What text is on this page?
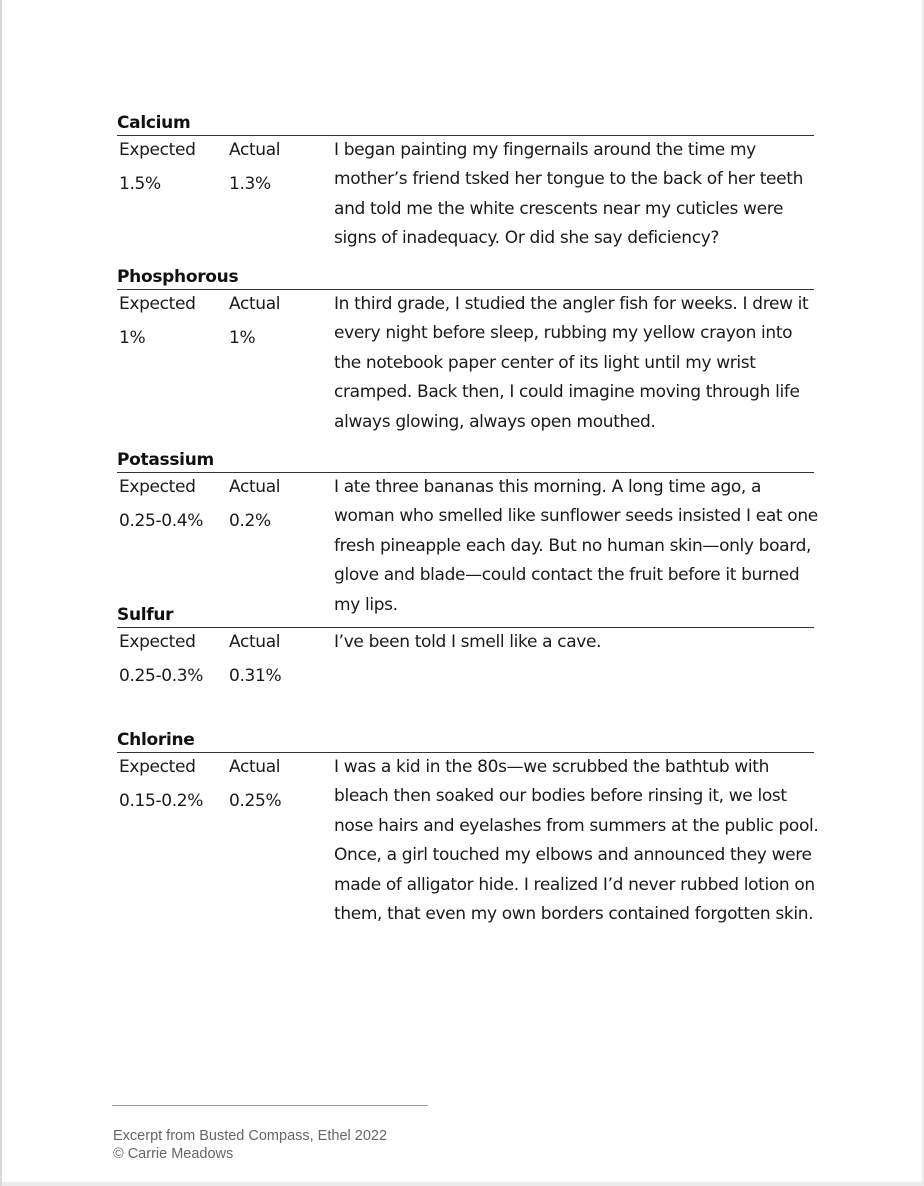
Calcium
Expected
1.5%
Actual
1.3%
I began painting my fingernails around the time my mother’s friend tsked her tongue to the back of her teeth and told me the white crescents near my cuticles were signs of inadequacy. Or did she say deficiency?
Phosphorous
Expected
1%
Actual
1%
In third grade, I studied the angler fish for weeks. I drew it every night before sleep, rubbing my yellow crayon into the notebook paper center of its light until my wrist cramped. Back then, I could imagine moving through life always glowing, always open mouthed.
Potassium
Expected
0.25-0.4%
Actual
0.2%
I ate three bananas this morning. A long time ago, a woman who smelled like sunflower seeds insisted I eat one fresh pineapple each day. But no human skin—only board, glove and blade—could contact the fruit before it burned my lips.
Sulfur
Expected
0.25-0.3%
Actual
0.31%
I’ve been told I smell like a cave.
Chlorine
Expected
0.15-0.2%
Actual
0.25%
I was a kid in the 80s—we scrubbed the bathtub with bleach then soaked our bodies before rinsing it, we lost nose hairs and eyelashes from summers at the public pool. Once, a girl touched my elbows and announced they were made of alligator hide. I realized I’d never rubbed lotion on them, that even my own borders contained forgotten skin.
Excerpt from Busted Compass, Ethel 2022
© Carrie Meadows
